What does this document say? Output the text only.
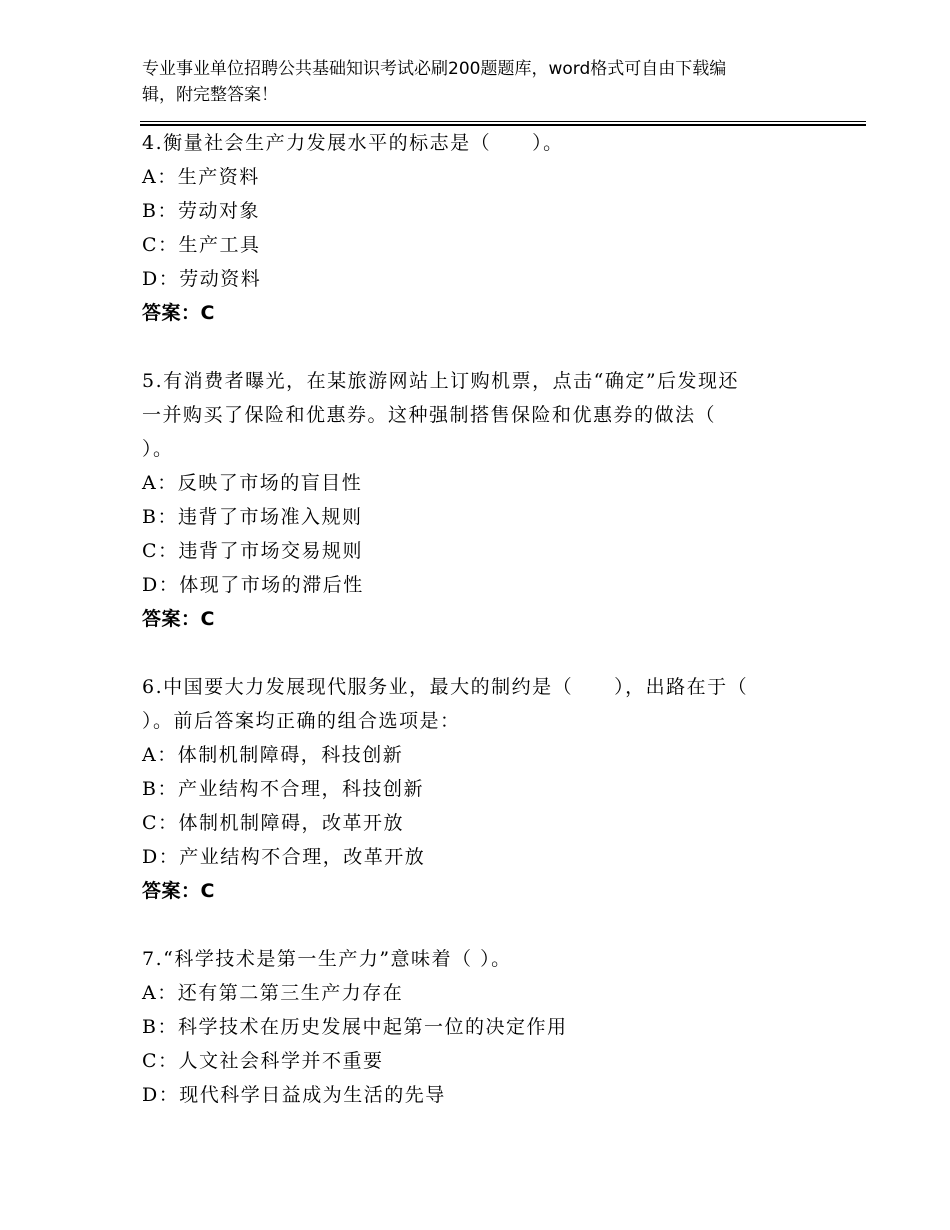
专业事业单位招聘公共基础知识考试必刷200题题库，word格式可自由下载编
辑，附完整答案！
4.衡量社会生产力发展水平的标志是（　　）。
A：生产资料
B：劳动对象
C：生产工具
D：劳动资料
答案：C
5.有消费者曝光，在某旅游网站上订购机票，点击“确定”后发现还
一并购买了保险和优惠券。这种强制搭售保险和优惠券的做法（
）。
A：反映了市场的盲目性
B：违背了市场准入规则
C：违背了市场交易规则
D：体现了市场的滞后性
答案：C
6.中国要大力发展现代服务业，最大的制约是（　　），出路在于（
）。前后答案均正确的组合选项是：
A：体制机制障碍，科技创新
B：产业结构不合理，科技创新
C：体制机制障碍，改革开放
D：产业结构不合理，改革开放
答案：C
7.“科学技术是第一生产力”意味着（ ）。
A：还有第二第三生产力存在
B：科学技术在历史发展中起第一位的决定作用
C：人文社会科学并不重要
D：现代科学日益成为生活的先导
